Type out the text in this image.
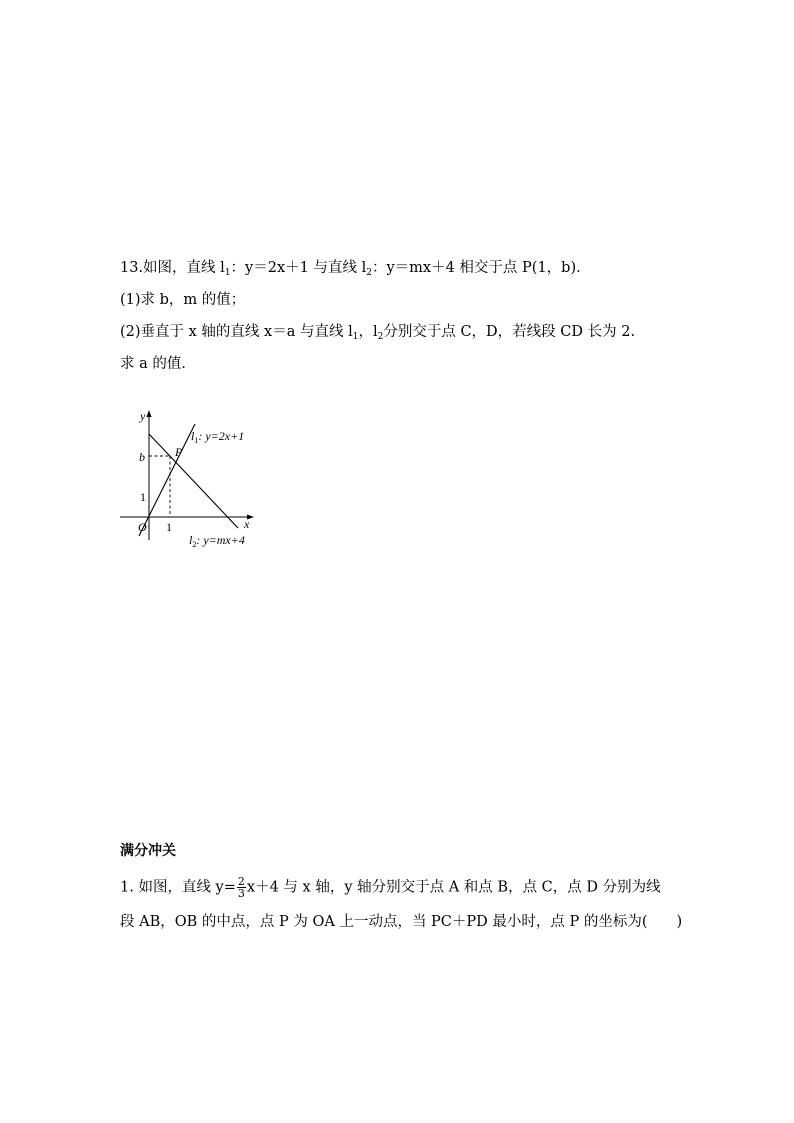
13.如图，直线 $l_1$：y＝2x＋1 与直线 $l_2$：y＝mx＋4 相交于点 P(1，b)．
(1)求 b，m 的值；
(2)垂直于 x 轴的直线 x＝a 与直线 $l_1$，$l_2$分别交于点 C，D，若线段 CD 长为 2.
求 a 的值．
y
x
O
b
1
1
P
$l_1$: y=2x+1
$l_2$: y=mx+4
满分冲关
1. 如图，直线 $y= \frac{2}{3} x+4$ 与 x 轴，y 轴分别交于点 A 和点 B，点 C，点 D 分别为线
段 AB，OB 的中点，点 P 为 OA 上一动点，当 PC＋PD 最小时，点 P 的坐标为(　　)
